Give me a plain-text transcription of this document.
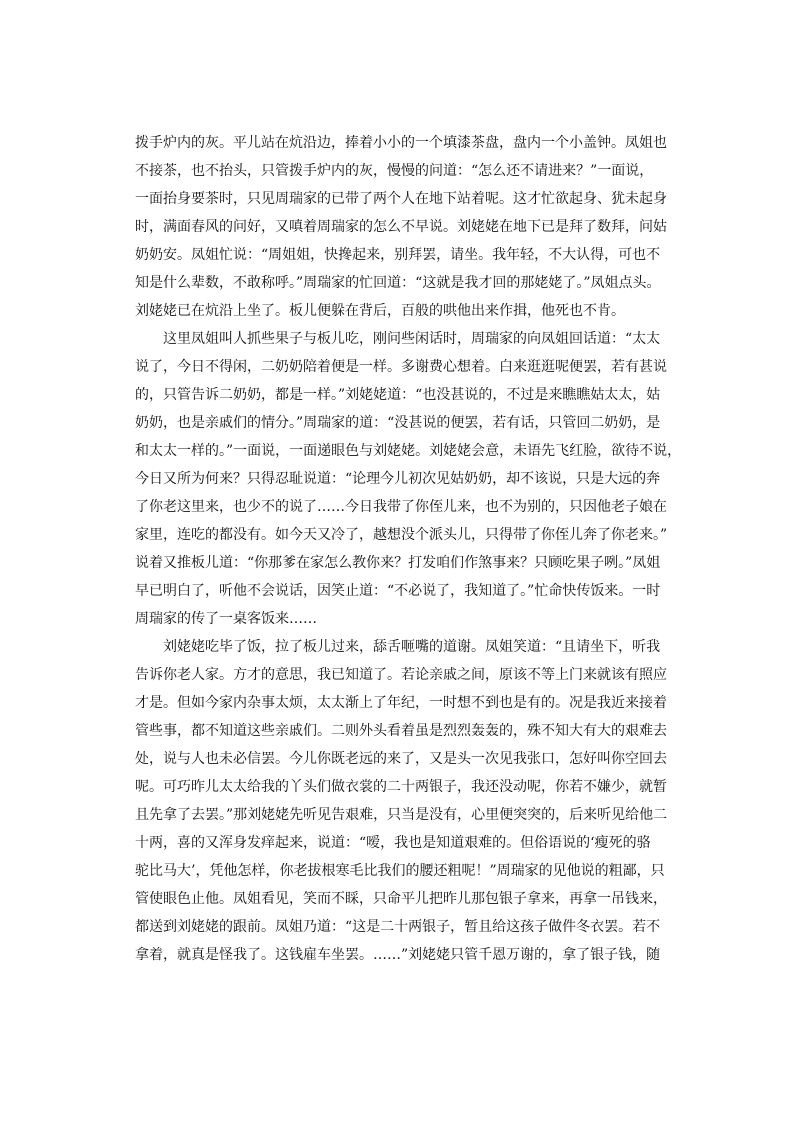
拨手炉内的灰。平儿站在炕沿边，捧着小小的一个填漆茶盘，盘内一个小盖钟。凤姐也
不接茶，也不抬头，只管拨手炉内的灰，慢慢的问道：“怎么还不请进来？”一面说，
一面抬身要茶时，只见周瑞家的已带了两个人在地下站着呢。这才忙欲起身、犹未起身
时，满面春风的问好，又嗔着周瑞家的怎么不早说。刘姥姥在地下已是拜了数拜，问姑
奶奶安。凤姐忙说：“周姐姐，快搀起来，别拜罢，请坐。我年轻，不大认得，可也不
知是什么辈数，不敢称呼。”周瑞家的忙回道：“这就是我才回的那姥姥了。”凤姐点头。
刘姥姥已在炕沿上坐了。板儿便躲在背后，百般的哄他出来作揖，他死也不肯。
　　这里凤姐叫人抓些果子与板儿吃，刚问些闲话时，周瑞家的向凤姐回话道：“太太
说了，今日不得闲，二奶奶陪着便是一样。多谢费心想着。白来逛逛呢便罢，若有甚说
的，只管告诉二奶奶，都是一样。”刘姥姥道：“也没甚说的，不过是来瞧瞧姑太太，姑
奶奶，也是亲戚们的情分。”周瑞家的道：“没甚说的便罢，若有话，只管回二奶奶，是
和太太一样的。”一面说，一面递眼色与刘姥姥。刘姥姥会意，未语先飞红脸，欲待不说，
今日又所为何来？只得忍耻说道：“论理今儿初次见姑奶奶，却不该说，只是大远的奔
了你老这里来，也少不的说了……今日我带了你侄儿来，也不为别的，只因他老子娘在
家里，连吃的都没有。如今天又冷了，越想没个派头儿，只得带了你侄儿奔了你老来。”
说着又推板儿道：“你那爹在家怎么教你来？打发咱们作煞事来？只顾吃果子咧。”凤姐
早已明白了，听他不会说话，因笑止道：“不必说了，我知道了。”忙命快传饭来。一时
周瑞家的传了一桌客饭来……
　　刘姥姥吃毕了饭，拉了板儿过来，舔舌咂嘴的道谢。凤姐笑道：“且请坐下，听我
告诉你老人家。方才的意思，我已知道了。若论亲戚之间，原该不等上门来就该有照应
才是。但如今家内杂事太烦，太太渐上了年纪，一时想不到也是有的。况是我近来接着
管些事，都不知道这些亲戚们。二则外头看着虽是烈烈轰轰的，殊不知大有大的艰难去
处，说与人也未必信罢。今儿你既老远的来了，又是头一次见我张口，怎好叫你空回去
呢。可巧昨儿太太给我的丫头们做衣裳的二十两银子，我还没动呢，你若不嫌少，就暂
且先拿了去罢。”那刘姥姥先听见告艰难，只当是没有，心里便突突的，后来听见给他二
十两，喜的又浑身发痒起来，说道：“嗳，我也是知道艰难的。但俗语说的‘瘦死的骆
驼比马大’，凭他怎样，你老拔根寒毛比我们的腰还粗呢！”周瑞家的见他说的粗鄙，只
管使眼色止他。凤姐看见，笑而不睬，只命平儿把昨儿那包银子拿来，再拿一吊钱来，
都送到刘姥姥的跟前。凤姐乃道：“这是二十两银子，暂且给这孩子做件冬衣罢。若不
拿着，就真是怪我了。这钱雇车坐罢。……”刘姥姥只管千恩万谢的，拿了银子钱，随
